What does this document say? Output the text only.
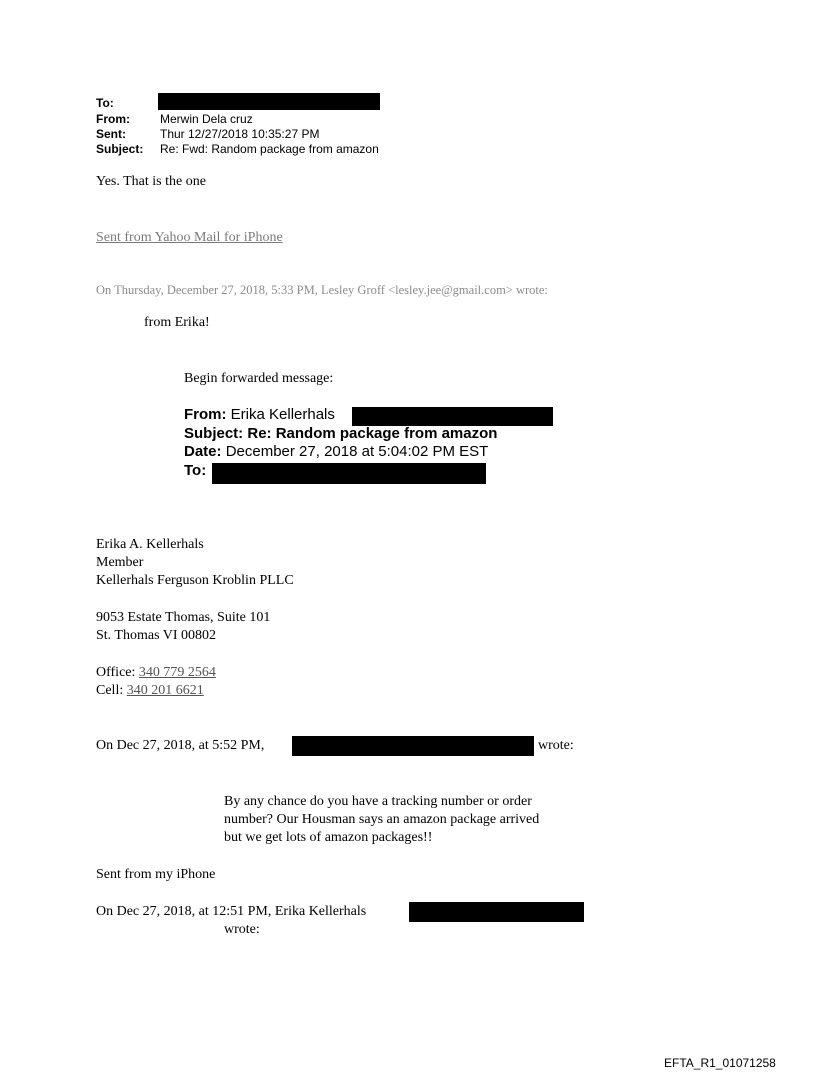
To:
From:	Merwin Dela cruz
Sent:	Thur 12/27/2018 10:35:27 PM
Subject: Re: Fwd: Random package from amazon
Yes. That is the one
Sent from Yahoo Mail for iPhone
On Thursday, December 27, 2018, 5:33 PM, Lesley Groff <lesley.jee@gmail.com> wrote:
from Erika!
Begin forwarded message:
From: Erika Kellerhals
Subject: Re: Random package from amazon
Date: December 27, 2018 at 5:04:02 PM EST
To:
Erika A. Kellerhals
Member
Kellerhals Ferguson Kroblin PLLC
9053 Estate Thomas, Suite 101
St. Thomas VI 00802
Office: 340 779 2564
Cell: 340 201 6621
On Dec 27, 2018, at 5:52 PM,	wrote:
By any chance do you have a tracking number or order
number? Our Housman says an amazon package arrived
but we get lots of amazon packages!!
Sent from my iPhone
On Dec 27, 2018, at 12:51 PM, Erika Kellerhals
wrote:
EFTA_R1_01071258
